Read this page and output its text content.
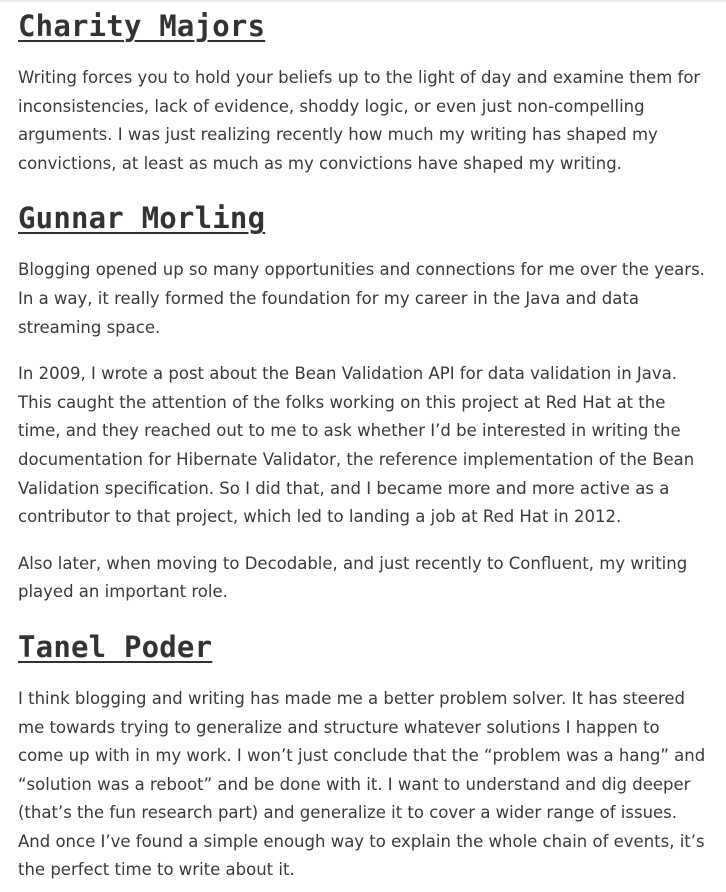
Charity Majors

Writing forces you to hold your beliefs up to the light of day and examine them for inconsistencies, lack of evidence, shoddy logic, or even just non-compelling arguments. I was just realizing recently how much my writing has shaped my convictions, at least as much as my convictions have shaped my writing.

Gunnar Morling

Blogging opened up so many opportunities and connections for me over the years. In a way, it really formed the foundation for my career in the Java and data streaming space.

In 2009, I wrote a post about the Bean Validation API for data validation in Java. This caught the attention of the folks working on this project at Red Hat at the time, and they reached out to me to ask whether I’d be interested in writing the documentation for Hibernate Validator, the reference implementation of the Bean Validation specification. So I did that, and I became more and more active as a contributor to that project, which led to landing a job at Red Hat in 2012.

Also later, when moving to Decodable, and just recently to Confluent, my writing played an important role.

Tanel Poder

I think blogging and writing has made me a better problem solver. It has steered me towards trying to generalize and structure whatever solutions I happen to come up with in my work. I won’t just conclude that the “problem was a hang” and “solution was a reboot” and be done with it. I want to understand and dig deeper (that’s the fun research part) and generalize it to cover a wider range of issues. And once I’ve found a simple enough way to explain the whole chain of events, it’s the perfect time to write about it.
